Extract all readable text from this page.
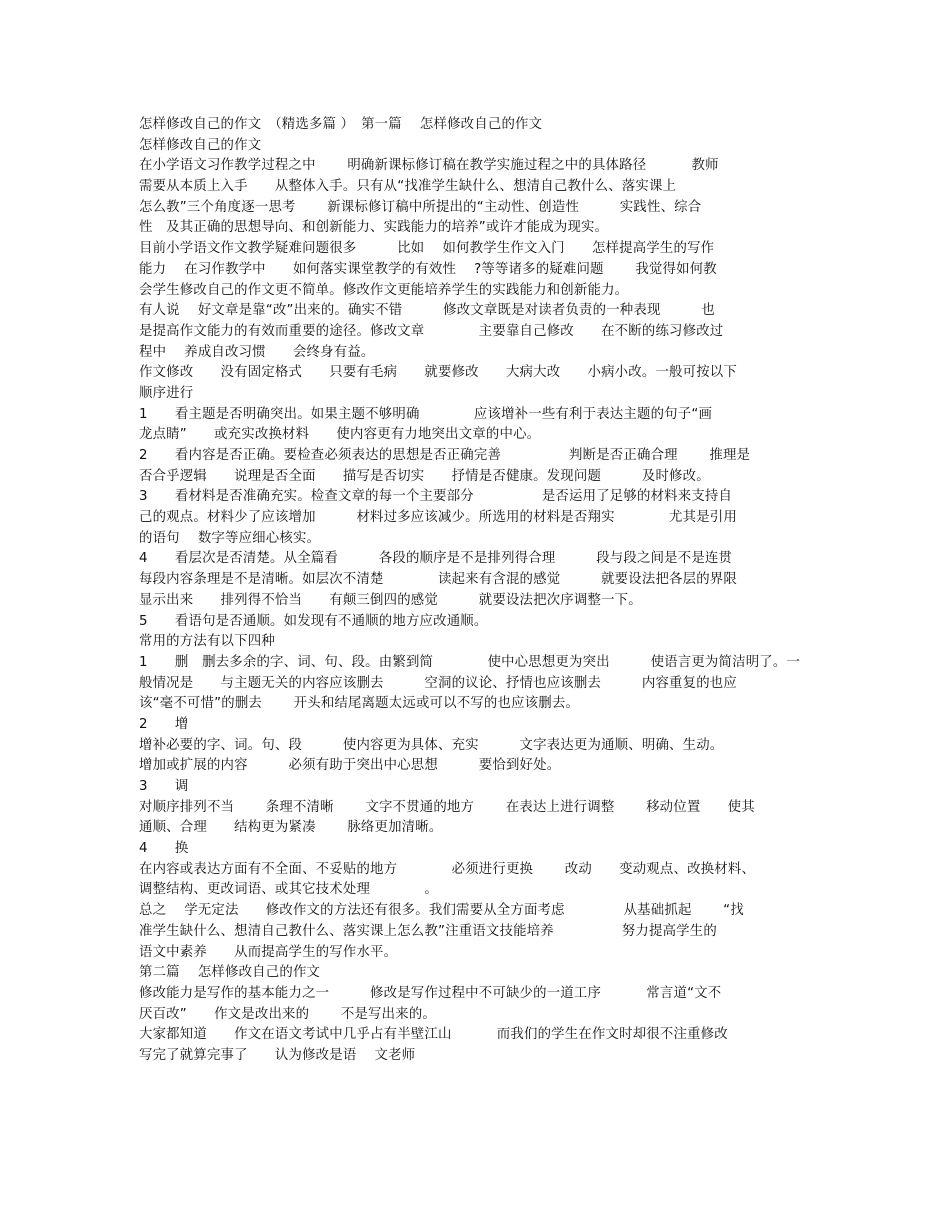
怎样修改自己的作文　（精选多篇 ）　第一篇　 怎样修改自己的作文
怎样修改自己的作文
在小学语文习作教学过程之中　　 明确新课标修订稿在教学实施过程之中的具体路径　　　 教师
需要从本质上入手　　从整体入手。只有从“找准学生缺什么、想清自己教什么、落实课上
怎么教”三个角度逐一思考　　 新课标修订稿中所提出的“主动性、创造性　　　实践性、综合
性　及其正确的思想导向、和创新能力、实践能力的培养”或许才能成为现实。
目前小学语文作文教学疑难问题很多　　　比如　 如何教学生作文入门　　怎样提高学生的写作
能力　 在习作教学中　　如何落实课堂教学的有效性　 ?等等诸多的疑难问题　　 我觉得如何教
会学生修改自己的作文更不简单。修改作文更能培养学生的实践能力和创新能力。
有人说　 好文章是靠“改”出来的。确实不错　　　修改文章既是对读者负责的一种表现　　　也
是提高作文能力的有效而重要的途径。修改文章　　　　主要靠自己修改　　在不断的练习修改过
程中　 养成自改习惯　　会终身有益。
作文修改　　没有固定格式　　只要有毛病　　就要修改　　大病大改　　小病小改。一般可按以下
顺序进行
1　　看主题是否明确突出。如果主题不够明确　　　　应该增补一些有利于表达主题的句子“画
龙点睛”　　或充实改换材料　　使内容更有力地突出文章的中心。
2　　看内容是否正确。要检查必须表达的思想是否正确完善　　　　　判断是否正确合理　　 推理是
否合乎逻辑　　说理是否全面　　描写是否切实　　抒情是否健康。发现问题　　　及时修改。
3　　看材料是否准确充实。检查文章的每一个主要部分　　　　　是否运用了足够的材料来支持自
己的观点。材料少了应该增加　　　材料过多应该减少。所选用的材料是否翔实　　　　尤其是引用
的语句　 数字等应细心核实。
4　　看层次是否清楚。从全篇看　　　各段的顺序是不是排列得合理　　　段与段之间是不是连贯
每段内容条理是不是清晰。如层次不清楚　　　　读起来有含混的感觉　　　就要设法把各层的界限
显示出来　　排列得不恰当　　有颠三倒四的感觉　　　就要设法把次序调整一下。
5　　看语句是否通顺。如发现有不通顺的地方应改通顺。
常用的方法有以下四种
1　　删　删去多余的字、词、句、段。由繁到简　　　　使中心思想更为突出　　　使语言更为简洁明了。一
般情况是　　与主题无关的内容应该删去　　　空洞的议论、抒情也应该删去　　　内容重复的也应
该“毫不可惜”的删去　　 开头和结尾离题太远或可以不写的也应该删去。
2　　增
增补必要的字、词。句、段　　　使内容更为具体、充实　　　文字表达更为通顺、明确、生动。
增加或扩展的内容　　　必须有助于突出中心思想　　　要恰到好处。
3　　调
对顺序排列不当　　 条理不清晰　　 文字不贯通的地方　　 在表达上进行调整　　 移动位置　　使其
通顺、合理　　结构更为紧凑　　 脉络更加清晰。
4　　换
在内容或表达方面有不全面、不妥贴的地方　　　　必须进行更换　　 改动　　变动观点、改换材料、
调整结构、更改词语、或其它技术处理　　　　。
总之　 学无定法　　修改作文的方法还有很多。我们需要从全方面考虑　　　　 从基础抓起　　 “找
准学生缺什么、想清自己教什么、落实课上怎么教”注重语文技能培养　　　　　努力提高学生的
语文中素养　　从而提高学生的写作水平。
第二篇　 怎样修改自己的作文
修改能力是写作的基本能力之一　　　修改是写作过程中不可缺少的一道工序　　　 常言道“文不
厌百改”　　作文是改出来的　　 不是写出来的。
大家都知道　　作文在语文考试中几乎占有半壁江山　　　 而我们的学生在作文时却很不注重修改
写完了就算完事了　　认为修改是语　 文老师
